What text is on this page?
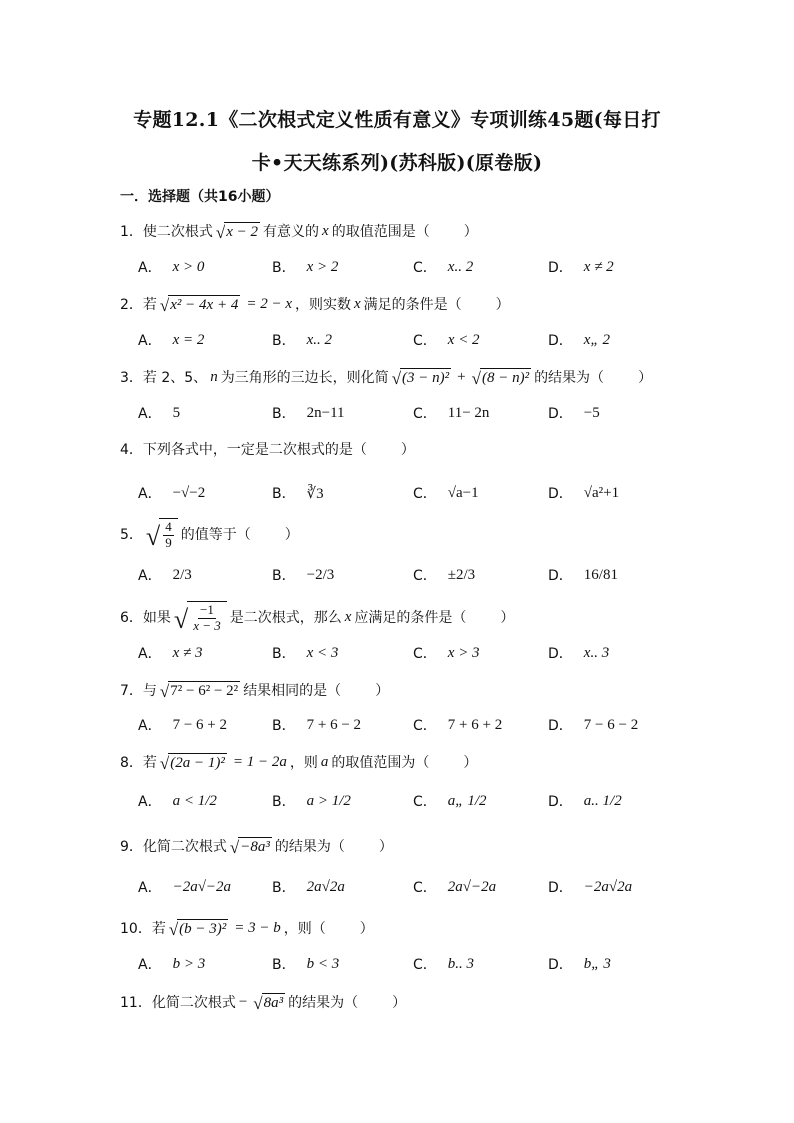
专题12.1《二次根式定义性质有意义》专项训练45题(每日打
卡•天天练系列)(苏科版)(原卷版)
一．选择题（共16小题）
1． 使二次根式 √ x − 2 有意义的 x 的取值范围是（ ）
A． x > 0	B． x > 2	C． x.. 2	D． x ≠ 2
2． 若 √ x² − 4x + 4 = 2 − x ，则实数 x 满足的条件是（ ）
A． x = 2	B． x.. 2	C． x < 2	D． x„ 2
3． 若 2、5、 n 为三角形的三边长，则化简 √ (3 − n)² + √ (8 − n)² 的结果为（ ）
A． 5	B． 2n−11	C． 11− 2n	D． −5
4． 下列各式中，一定是二次根式的是（ ）
A． −√−2	B． ∛3	C． √a−1	D． √a²+1
5． √ $\frac{4}{9}$ 的值等于（ ）
A． 2/3	B． −2/3	C． ±2/3	D． 16/81
6． 如果 √ $\frac{-1}{x - 3}$ 是二次根式，那么 x 应满足的条件是（ ）
A． x ≠ 3	B． x < 3	C． x > 3	D． x.. 3
7． 与 √ 7² − 6² − 2² 结果相同的是（ ）
A． 7 − 6 + 2	B． 7 + 6 − 2	C． 7 + 6 + 2	D． 7 − 6 − 2
8． 若 √ (2a − 1)² = 1 − 2a ，则 a 的取值范围为（ ）
A． a < 1/2	B． a > 1/2	C． a„ 1/2	D． a.. 1/2
9． 化简二次根式 √ −8a³ 的结果为（ ）
A． −2a√−2a	B． 2a√2a	C． 2a√−2a	D． −2a√2a
10． 若 √ (b − 3)² = 3 − b ，则（ ）
A． b > 3	B． b < 3	C． b.. 3	D． b„ 3
11． 化简二次根式 − √ 8a³ 的结果为（ ）
